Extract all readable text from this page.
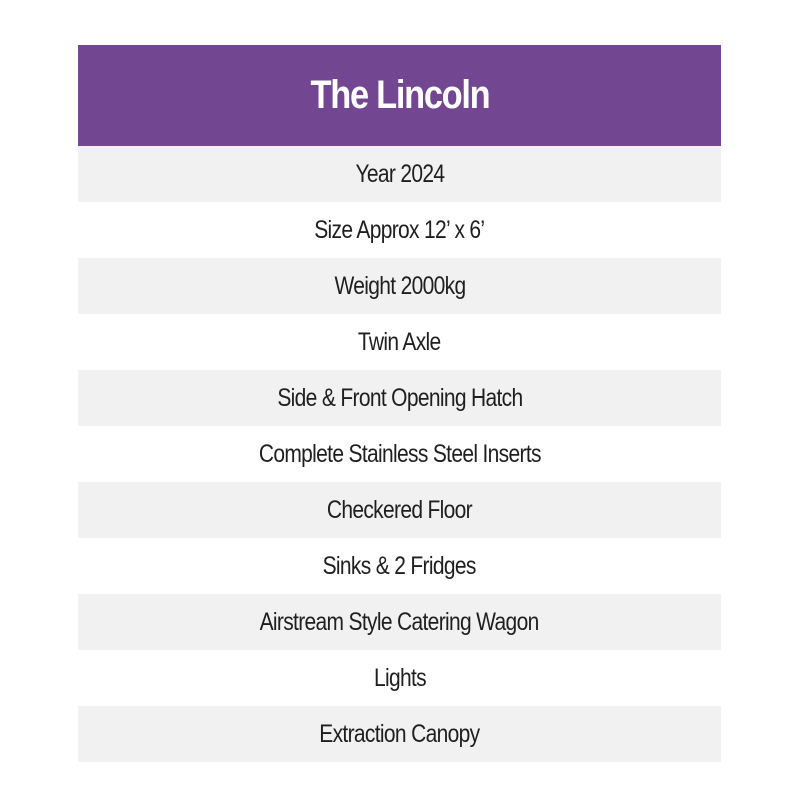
The Lincoln
Year 2024
Size Approx 12’ x 6’
Weight 2000kg
Twin Axle
Side & Front Opening Hatch
Complete Stainless Steel Inserts
Checkered Floor
Sinks & 2 Fridges
Airstream Style Catering Wagon
Lights
Extraction Canopy
